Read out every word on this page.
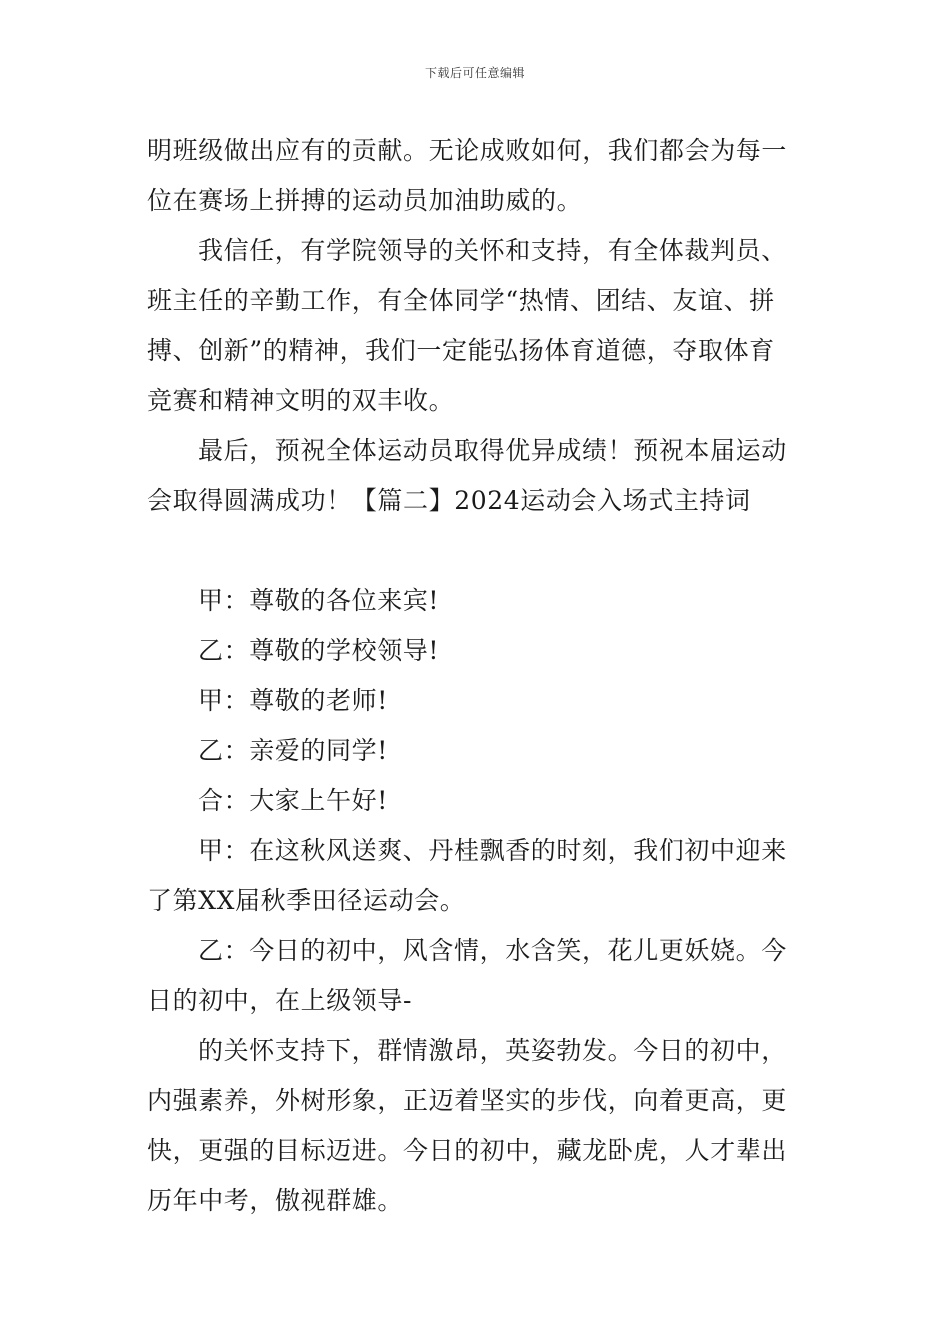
下载后可任意编辑
明班级做出应有的贡献。无论成败如何，我们都会为每一
位在赛场上拼搏的运动员加油助威的。
我信任，有学院领导的关怀和支持，有全体裁判员、
班主任的辛勤工作，有全体同学“热情、团结、友谊、拼
搏、创新”的精神，我们一定能弘扬体育道德，夺取体育
竞赛和精神文明的双丰收。
最后，预祝全体运动员取得优异成绩！预祝本届运动
会取得圆满成功！【篇二】2024运动会入场式主持词
甲：尊敬的各位来宾!
乙：尊敬的学校领导!
甲：尊敬的老师!
乙：亲爱的同学!
合：大家上午好!
甲：在这秋风送爽、丹桂飘香的时刻，我们初中迎来
了第XX届秋季田径运动会。
乙：今日的初中，风含情，水含笑，花儿更妖娆。今
日的初中，在上级领导-
的关怀支持下，群情激昂，英姿勃发。今日的初中，
内强素养，外树形象，正迈着坚实的步伐，向着更高，更
快，更强的目标迈进。今日的初中，藏龙卧虎，人才辈出
历年中考，傲视群雄。
